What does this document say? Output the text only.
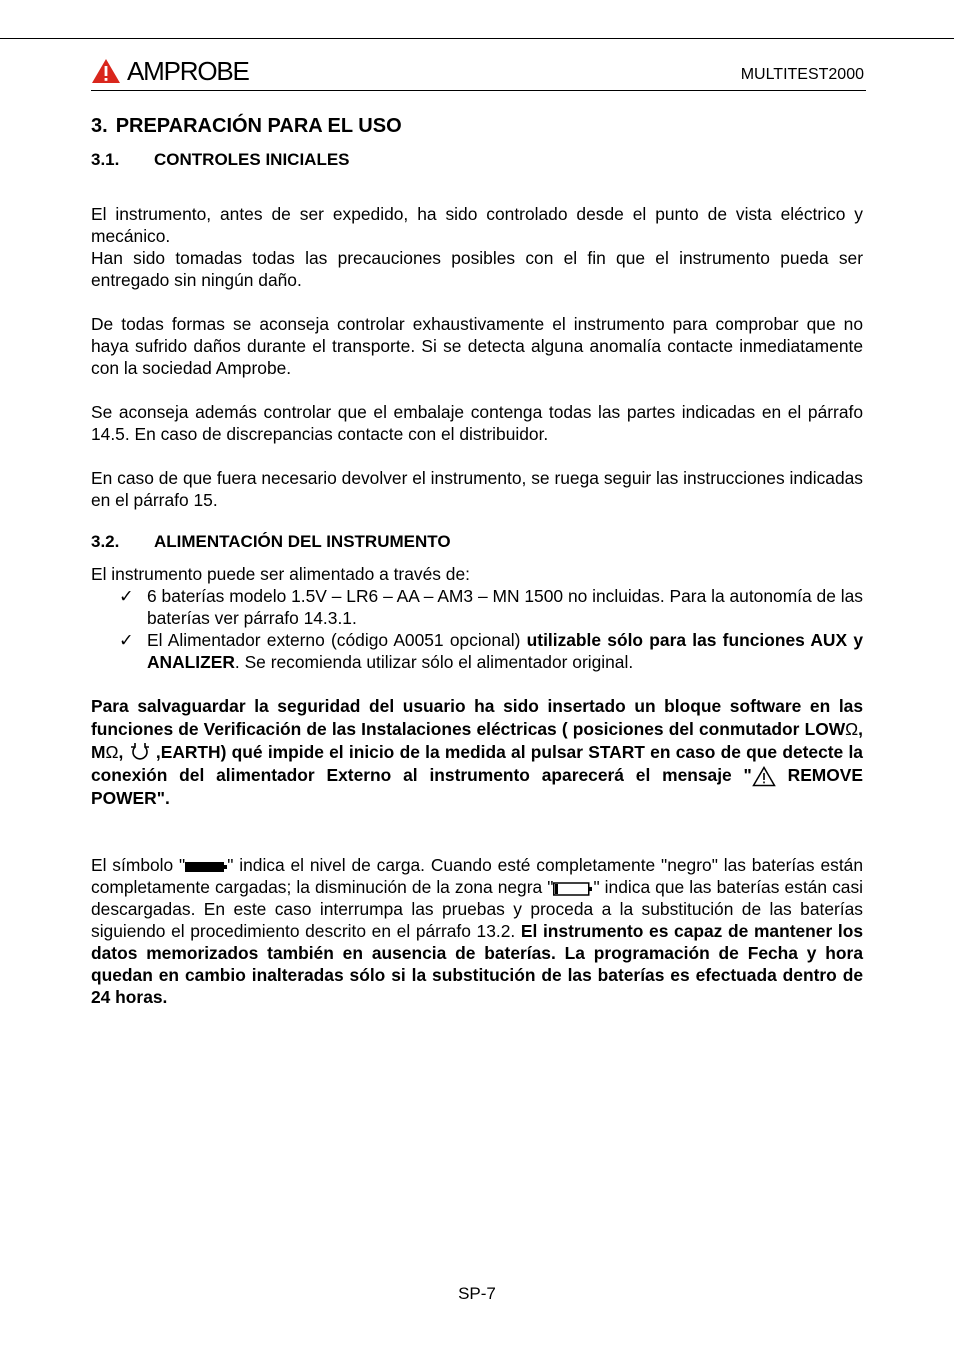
AMPROBE	MULTITEST2000
3. PREPARACIÓN PARA EL USO
3.1.	CONTROLES INICIALES

El instrumento, antes de ser expedido, ha sido controlado desde el punto de vista eléctrico y mecánico.

Han sido tomadas todas las precauciones posibles con el fin que el instrumento pueda ser entregado sin ningún daño.

De todas formas se aconseja controlar exhaustivamente el instrumento para comprobar que no haya sufrido daños durante el transporte. Si se detecta alguna anomalía contacte inmediatamente con la sociedad Amprobe.

Se aconseja además controlar que el embalaje contenga todas las partes indicadas en el párrafo 14.5. En caso de discrepancias contacte con el distribuidor.

En caso de que fuera necesario devolver el instrumento, se ruega seguir las instrucciones indicadas en el párrafo 15.

3.2.	ALIMENTACIÓN DEL INSTRUMENTO

El instrumento puede ser alimentado a través de:

✓ 6 baterías modelo 1.5V – LR6 – AA – AM3 – MN 1500 no incluidas. Para la autonomía de las baterías ver párrafo 14.3.1.
✓ El Alimentador externo (código A0051 opcional) utilizable sólo para las funciones AUX y ANALIZER. Se recomienda utilizar sólo el alimentador original.

Para salvaguardar la seguridad del usuario ha sido insertado un bloque software en las funciones de Verificación de las Instalaciones eléctricas ( posiciones del conmutador LOWΩ, MΩ,  ,EARTH) qué impide el inicio de la medida al pulsar START en caso de que detecte la conexión del alimentador Externo al instrumento aparecerá el mensaje " REMOVE POWER".

El símbolo " " indica el nivel de carga. Cuando esté completamente "negro" las baterías están completamente cargadas; la disminución de la zona negra " " indica que las baterías están casi descargadas. En este caso interrumpa las pruebas y proceda a la substitución de las baterías siguiendo el procedimiento descrito en el párrafo 13.2. El instrumento es capaz de mantener los datos memorizados también en ausencia de baterías. La programación de Fecha y hora quedan en cambio inalteradas sólo si la substitución de las baterías es efectuada dentro de 24 horas.

SP-7
